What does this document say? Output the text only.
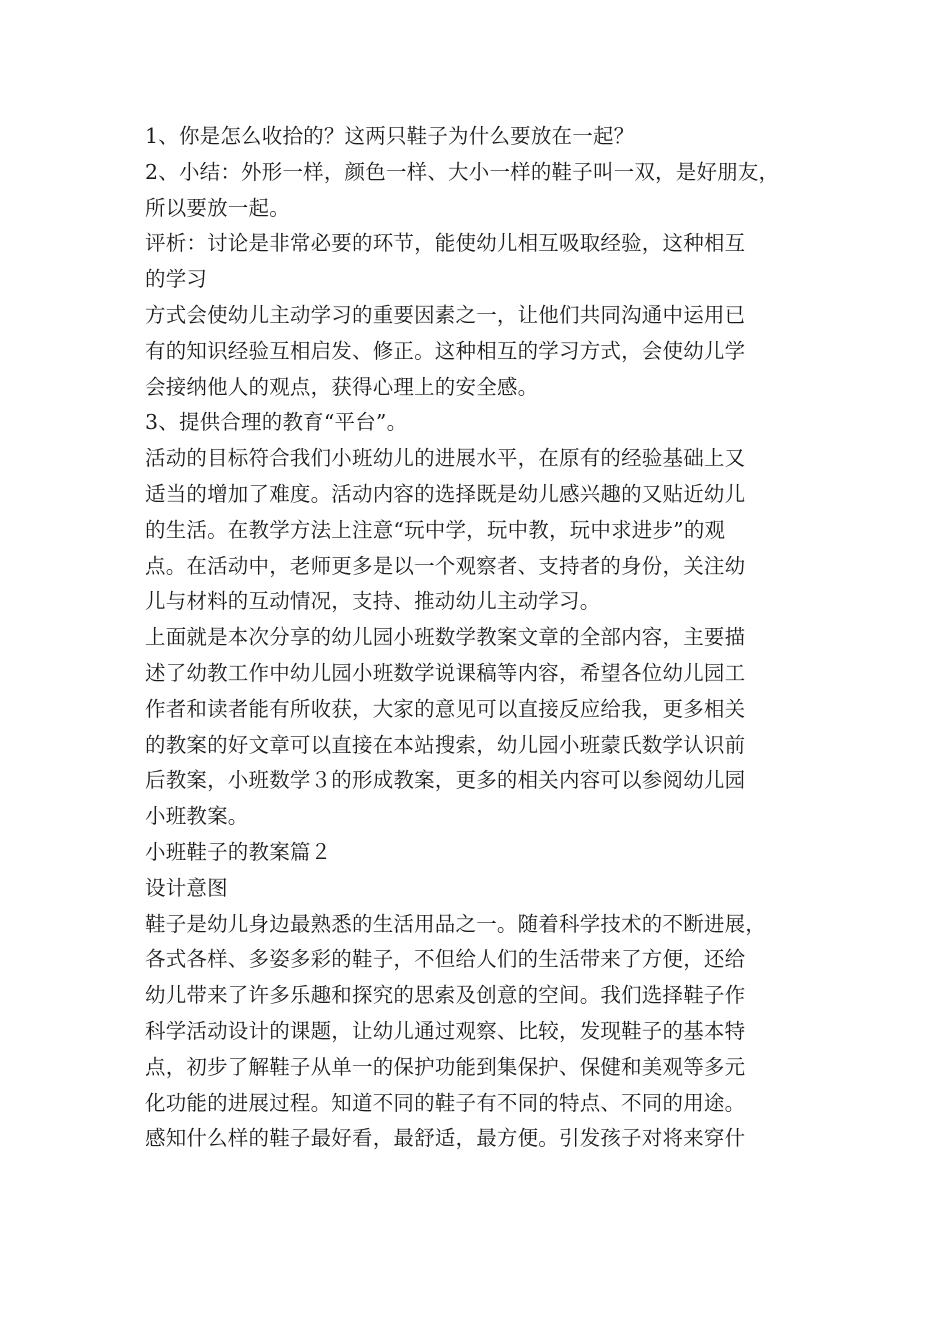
1、你是怎么收拾的？这两只鞋子为什么要放在一起？
2、小结：外形一样，颜色一样、大小一样的鞋子叫一双，是好朋友，
所以要放一起。
评析：讨论是非常必要的环节，能使幼儿相互吸取经验，这种相互
的学习
方式会使幼儿主动学习的重要因素之一，让他们共同沟通中运用已
有的知识经验互相启发、修正。这种相互的学习方式，会使幼儿学
会接纳他人的观点，获得心理上的安全感。
3、提供合理的教育“平台”。
活动的目标符合我们小班幼儿的进展水平，在原有的经验基础上又
适当的增加了难度。活动内容的选择既是幼儿感兴趣的又贴近幼儿
的生活。在教学方法上注意“玩中学，玩中教，玩中求进步”的观
点。在活动中，老师更多是以一个观察者、支持者的身份，关注幼
儿与材料的互动情况，支持、推动幼儿主动学习。
上面就是本次分享的幼儿园小班数学教案文章的全部内容，主要描
述了幼教工作中幼儿园小班数学说课稿等内容，希望各位幼儿园工
作者和读者能有所收获，大家的意见可以直接反应给我，更多相关
的教案的好文章可以直接在本站搜索，幼儿园小班蒙氏数学认识前
后教案，小班数学３的形成教案，更多的相关内容可以参阅幼儿园
小班教案。
小班鞋子的教案篇２
设计意图
鞋子是幼儿身边最熟悉的生活用品之一。随着科学技术的不断进展，
各式各样、多姿多彩的鞋子，不但给人们的生活带来了方便，还给
幼儿带来了许多乐趣和探究的思索及创意的空间。我们选择鞋子作
科学活动设计的课题，让幼儿通过观察、比较，发现鞋子的基本特
点，初步了解鞋子从单一的保护功能到集保护、保健和美观等多元
化功能的进展过程。知道不同的鞋子有不同的特点、不同的用途。
感知什么样的鞋子最好看，最舒适，最方便。引发孩子对将来穿什
